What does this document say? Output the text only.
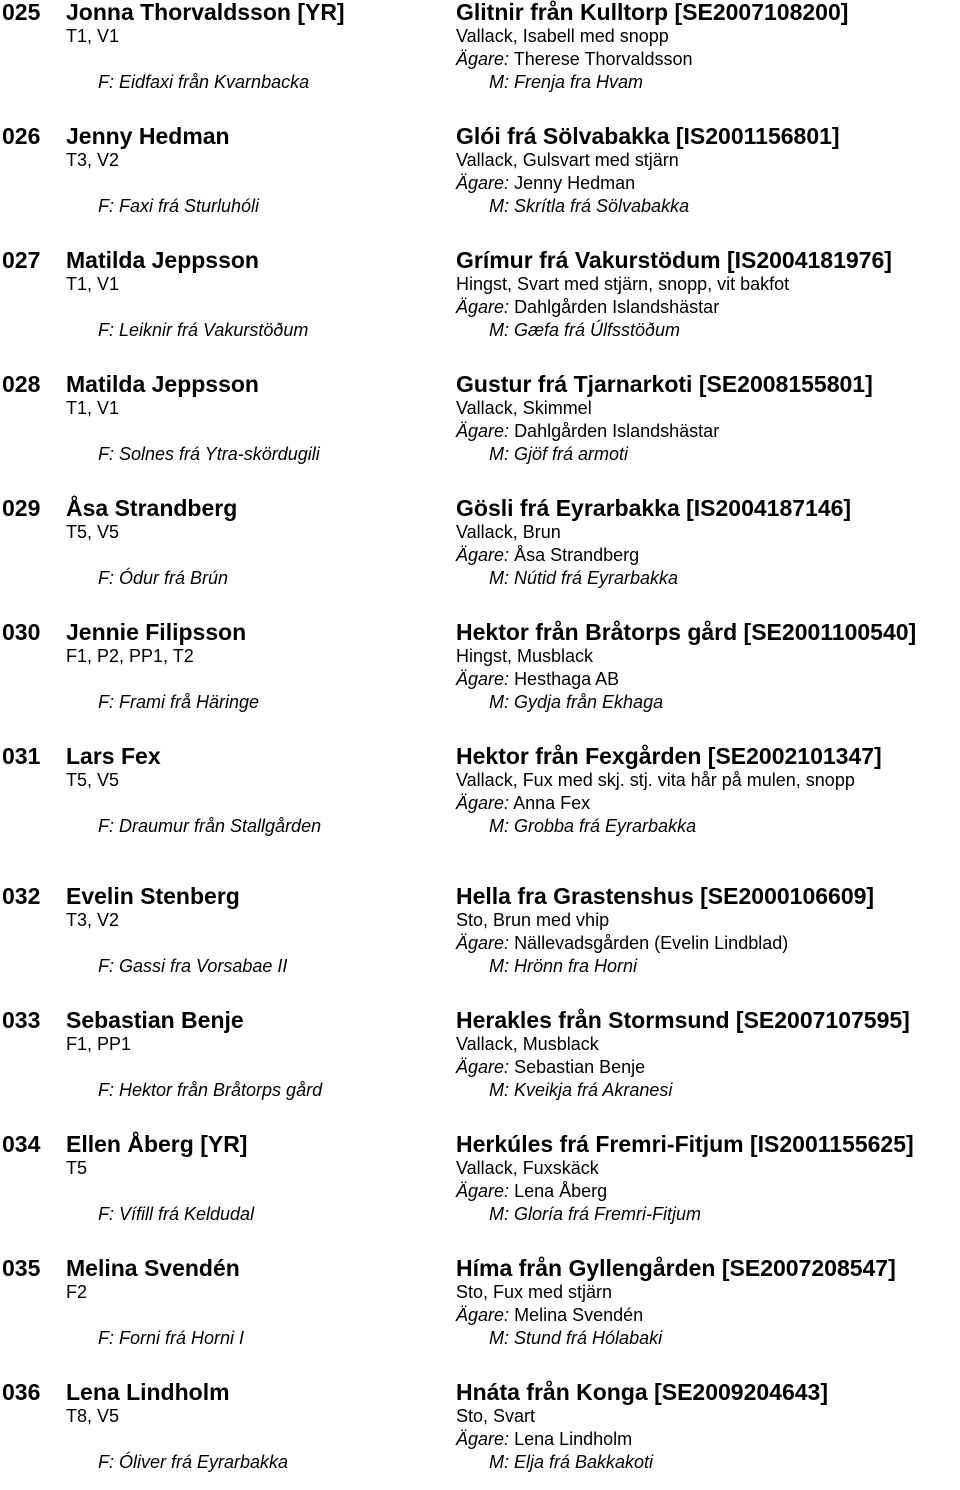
025 Jonna Thorvaldsson [YR]
T1, V1
F: Eidfaxi från Kvarnbacka
Glitnir från Kulltorp [SE2007108200]
Vallack, Isabell med snopp
Ägare: Therese Thorvaldsson
M: Frenja fra Hvam
026 Jenny Hedman
T3, V2
F: Faxi frá Sturluhóli
Glói frá Sölvabakka [IS2001156801]
Vallack, Gulsvart med stjärn
Ägare: Jenny Hedman
M: Skrítla frá Sölvabakka
027 Matilda Jeppsson
T1, V1
F: Leiknir frá Vakurstöðum
Grímur frá Vakurstödum [IS2004181976]
Hingst, Svart med stjärn, snopp, vit bakfot
Ägare: Dahlgården Islandshästar
M: Gæfa frá Úlfsstöðum
028 Matilda Jeppsson
T1, V1
F: Solnes frá Ytra-skördugili
Gustur frá Tjarnarkoti [SE2008155801]
Vallack, Skimmel
Ägare: Dahlgården Islandshästar
M: Gjöf frá armoti
029 Åsa Strandberg
T5, V5
F: Ódur frá Brún
Gösli frá Eyrarbakka [IS2004187146]
Vallack, Brun
Ägare: Åsa Strandberg
M: Nútid frá Eyrarbakka
030 Jennie Filipsson
F1, P2, PP1, T2
F: Frami frå Häringe
Hektor från Bråtorps gård [SE2001100540]
Hingst, Musblack
Ägare: Hesthaga AB
M: Gydja från Ekhaga
031 Lars Fex
T5, V5
F: Draumur från Stallgården
Hektor från Fexgården [SE2002101347]
Vallack, Fux med skj. stj. vita hår på mulen, snopp
Ägare: Anna Fex
M: Grobba frá Eyrarbakka
032 Evelin Stenberg
T3, V2
F: Gassi fra Vorsabae II
Hella fra Grastenshus [SE2000106609]
Sto, Brun med vhip
Ägare: Nällevadsgården (Evelin Lindblad)
M: Hrönn fra Horni
033 Sebastian Benje
F1, PP1
F: Hektor från Bråtorps gård
Herakles från Stormsund [SE2007107595]
Vallack, Musblack
Ägare: Sebastian Benje
M: Kveikja frá Akranesi
034 Ellen Åberg [YR]
T5
F: Vífill frá Keldudal
Herkúles frá Fremri-Fitjum [IS2001155625]
Vallack, Fuxskäck
Ägare: Lena Åberg
M: Gloría frá Fremri-Fitjum
035 Melina Svendén
F2
F: Forni frá Horni I
Híma från Gyllengården [SE2007208547]
Sto, Fux med stjärn
Ägare: Melina Svendén
M: Stund frá Hólabaki
036 Lena Lindholm
T8, V5
F: Óliver frá Eyrarbakka
Hnáta från Konga [SE2009204643]
Sto, Svart
Ägare: Lena Lindholm
M: Elja frá Bakkakoti
